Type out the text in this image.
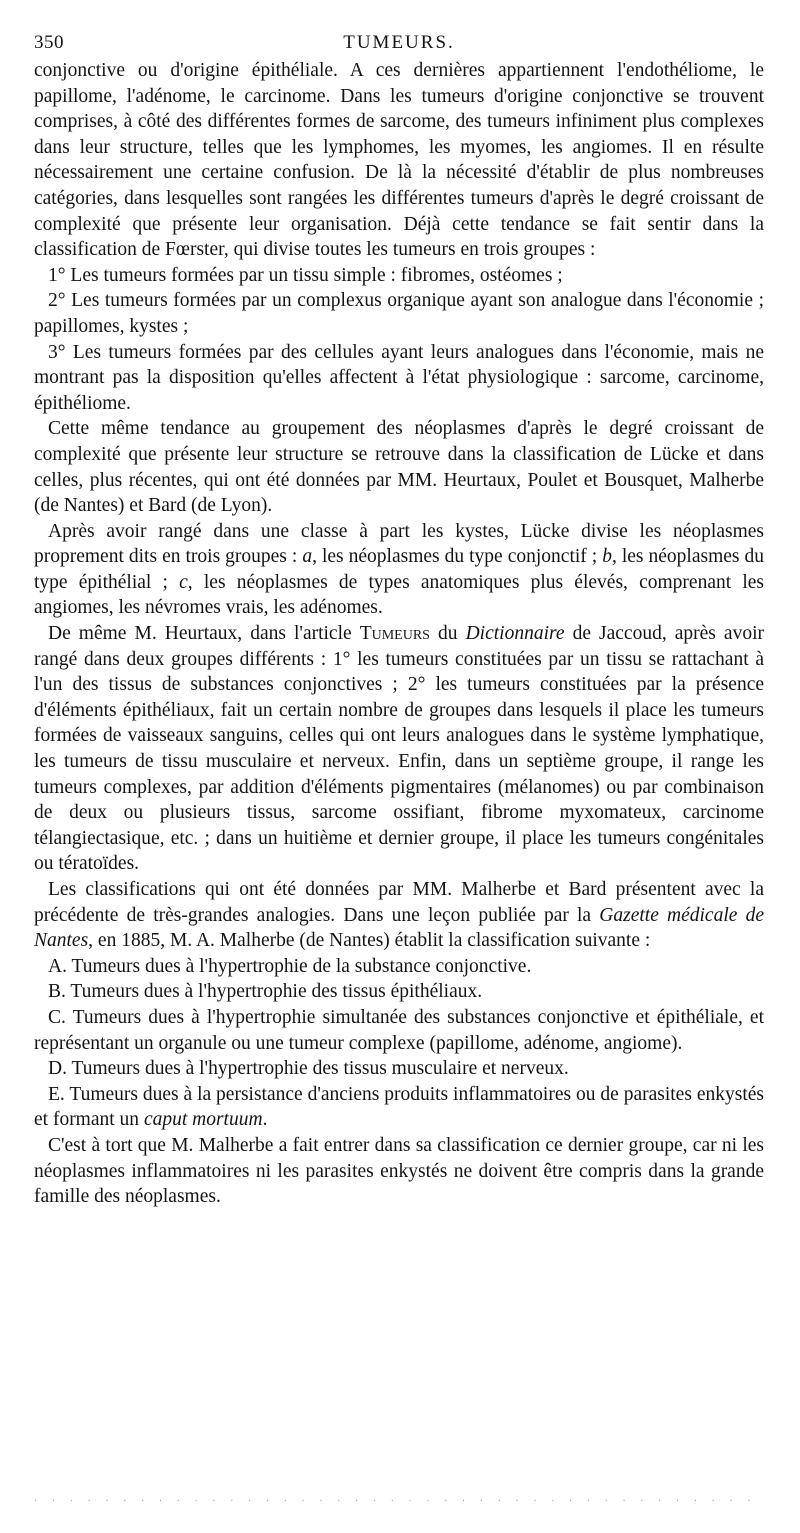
350	TUMEURS.

conjonctive ou d'origine épithéliale. A ces dernières appartiennent l'endothéliome, le papillome, l'adénome, le carcinome. Dans les tumeurs d'origine conjonctive se trouvent comprises, à côté des différentes formes de sarcome, des tumeurs infiniment plus complexes dans leur structure, telles que les lymphomes, les myomes, les angiomes. Il en résulte nécessairement une certaine confusion. De là la nécessité d'établir de plus nombreuses catégories, dans lesquelles sont rangées les différentes tumeurs d'après le degré croissant de complexité que présente leur organisation. Déjà cette tendance se fait sentir dans la classification de Fœrster, qui divise toutes les tumeurs en trois groupes :

1° Les tumeurs formées par un tissu simple : fibromes, ostéomes ;

2° Les tumeurs formées par un complexus organique ayant son analogue dans l'économie ; papillomes, kystes ;

3° Les tumeurs formées par des cellules ayant leurs analogues dans l'économie, mais ne montrant pas la disposition qu'elles affectent à l'état physiologique : sarcome, carcinome, épithéliome.

Cette même tendance au groupement des néoplasmes d'après le degré croissant de complexité que présente leur structure se retrouve dans la classification de Lücke et dans celles, plus récentes, qui ont été données par MM. Heurtaux, Poulet et Bousquet, Malherbe (de Nantes) et Bard (de Lyon).

Après avoir rangé dans une classe à part les kystes, Lücke divise les néoplasmes proprement dits en trois groupes : a, les néoplasmes du type conjonctif ; b, les néoplasmes du type épithélial ; c, les néoplasmes de types anatomiques plus élevés, comprenant les angiomes, les névromes vrais, les adénomes.

De même M. Heurtaux, dans l'article Tumeurs du Dictionnaire de Jaccoud, après avoir rangé dans deux groupes différents : 1° les tumeurs constituées par un tissu se rattachant à l'un des tissus de substances conjonctives ; 2° les tumeurs constituées par la présence d'éléments épithéliaux, fait un certain nombre de groupes dans lesquels il place les tumeurs formées de vaisseaux sanguins, celles qui ont leurs analogues dans le système lymphatique, les tumeurs de tissu musculaire et nerveux. Enfin, dans un septième groupe, il range les tumeurs complexes, par addition d'éléments pigmentaires (mélanomes) ou par combinaison de deux ou plusieurs tissus, sarcome ossifiant, fibrome myxomateux, carcinome télangiectasique, etc. ; dans un huitième et dernier groupe, il place les tumeurs congénitales ou tératoïdes.

Les classifications qui ont été données par MM. Malherbe et Bard présentent avec la précédente de très-grandes analogies. Dans une leçon publiée par la Gazette médicale de Nantes, en 1885, M. A. Malherbe (de Nantes) établit la classification suivante :

A. Tumeurs dues à l'hypertrophie de la substance conjonctive.

B. Tumeurs dues à l'hypertrophie des tissus épithéliaux.

C. Tumeurs dues à l'hypertrophie simultanée des substances conjonctive et épithéliale, et représentant un organule ou une tumeur complexe (papillome, adénome, angiome).

D. Tumeurs dues à l'hypertrophie des tissus musculaire et nerveux.

E. Tumeurs dues à la persistance d'anciens produits inflammatoires ou de parasites enkystés et formant un caput mortuum.

C'est à tort que M. Malherbe a fait entrer dans sa classification ce dernier groupe, car ni les néoplasmes inflammatoires ni les parasites enkystés ne doivent être compris dans la grande famille des néoplasmes.

· · · · · · · · · · · · · · · · · · · · · · · · · · · · · · · · · · · · · · · · ·
